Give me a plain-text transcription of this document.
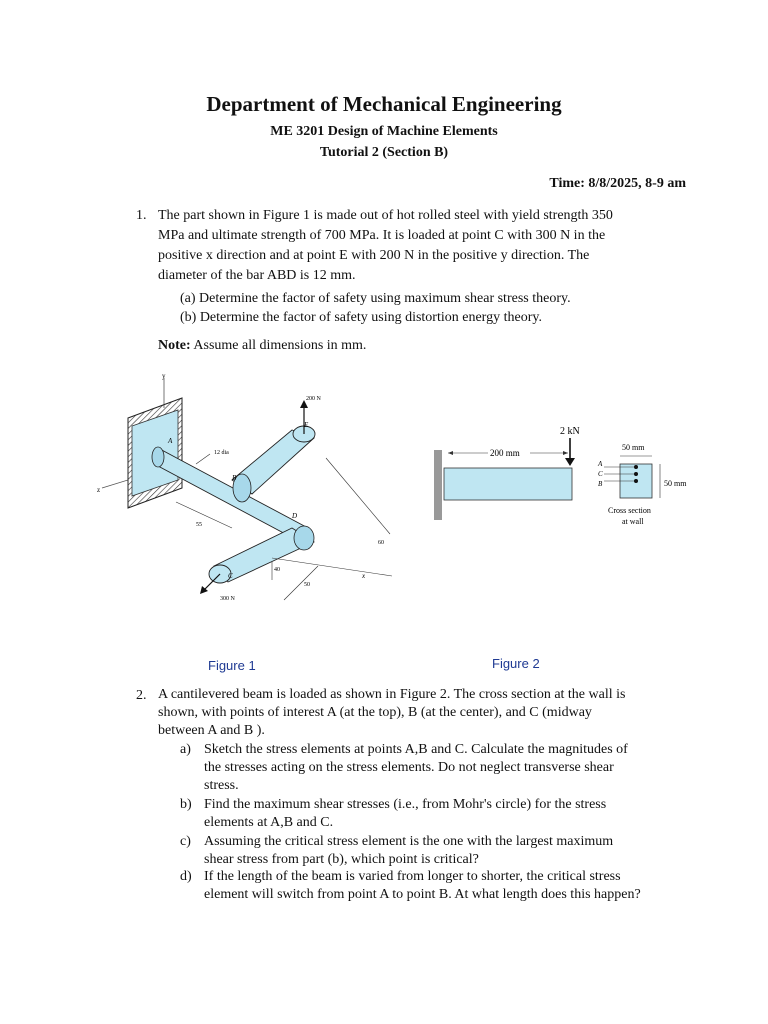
Department of Mechanical Engineering
ME 3201 Design of Machine Elements
Tutorial 2 (Section B)
Time: 8/8/2025, 8-9 am
1. The part shown in Figure 1 is made out of hot rolled steel with yield strength 350
MPa and ultimate strength of 700 MPa. It is loaded at point C with 300 N in the
positive x direction and at point E with 200 N in the positive y direction. The
diameter of the bar ABD is 12 mm.
(a) Determine the factor of safety using maximum shear stress theory.
(b) Determine the factor of safety using distortion energy theory.
Note: Assume all dimensions in mm.
y
z
E
200 N
300 N
A
B
C
D
12 dia
55
60
x
40
50
2 kN
200 mm
A
C
B
50 mm
50 mm
Cross section
at wall
Figure 1	Figure 2
2. A cantilevered beam is loaded as shown in Figure 2. The cross section at the wall is
shown, with points of interest A (at the top), B (at the center), and C (midway
between A and B ).
a) Sketch the stress elements at points A,B and C. Calculate the magnitudes of
the stresses acting on the stress elements. Do not neglect transverse shear
stress.
b) Find the maximum shear stresses (i.e., from Mohr's circle) for the stress
elements at A,B and C.
c) Assuming the critical stress element is the one with the largest maximum
shear stress from part (b), which point is critical?
d) If the length of the beam is varied from longer to shorter, the critical stress
element will switch from point A to point B. At what length does this happen?
